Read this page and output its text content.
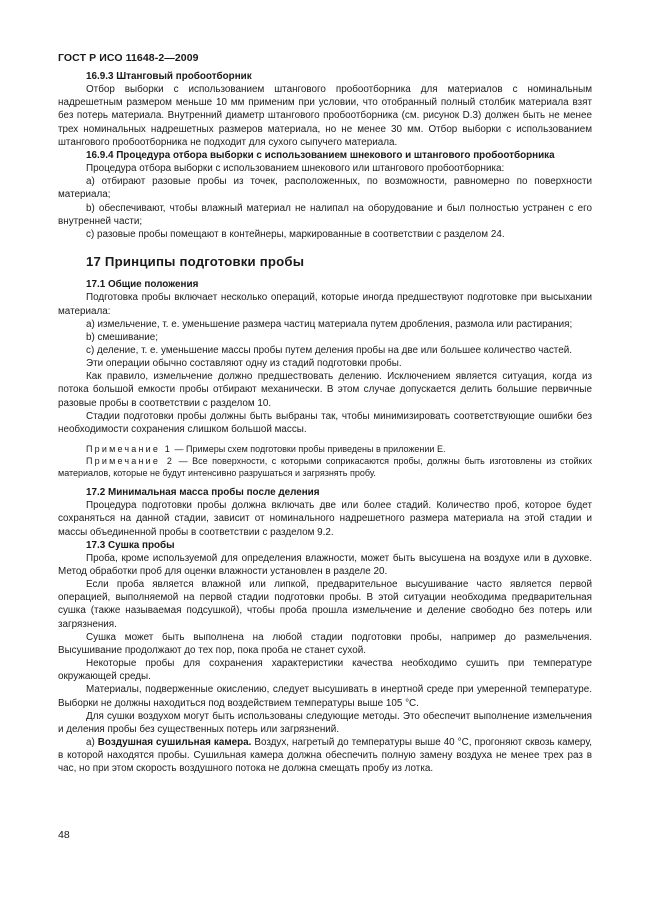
ГОСТ Р ИСО 11648-2—2009

16.9.3 Штанговый пробоотборник

Отбор выборки с использованием штангового пробоотборника для материалов с номинальным надрешетным размером меньше 10 мм применим при условии, что отобранный полный столбик материала взят без потерь материала. Внутренний диаметр штангового пробоотборника (см. рисунок D.3) должен быть не менее трех номинальных надрешетных размеров материала, но не менее 30 мм. Отбор выборки с использованием штангового пробоотборника не подходит для сухого сыпучего материала.

16.9.4 Процедура отбора выборки с использованием шнекового и штангового пробоотборника

Процедура отбора выборки с использованием шнекового или штангового пробоотборника:

a) отбирают разовые пробы из точек, расположенных, по возможности, равномерно по поверхности материала;

b) обеспечивают, чтобы влажный материал не налипал на оборудование и был полностью устранен с его внутренней части;

c) разовые пробы помещают в контейнеры, маркированные в соответствии с разделом 24.

17 Принципы подготовки пробы

17.1 Общие положения

Подготовка пробы включает несколько операций, которые иногда предшествуют подготовке при высыхании материала:

a) измельчение, т. е. уменьшение размера частиц материала путем дробления, размола или растирания;

b) смешивание;

c) деление, т. е. уменьшение массы пробы путем деления пробы на две или большее количество частей.

Эти операции обычно составляют одну из стадий подготовки пробы.

Как правило, измельчение должно предшествовать делению. Исключением является ситуация, когда из потока большой емкости пробы отбирают механически. В этом случае допускается делить большие первичные разовые пробы в соответствии с разделом 10.

Стадии подготовки пробы должны быть выбраны так, чтобы минимизировать соответствующие ошибки без необходимости сохранения слишком большой массы.

Примечание 1 — Примеры схем подготовки пробы приведены в приложении Е.

Примечание 2 — Все поверхности, с которыми соприкасаются пробы, должны быть изготовлены из стойких материалов, которые не будут интенсивно разрушаться и загрязнять пробу.

17.2 Минимальная масса пробы после деления

Процедура подготовки пробы должна включать две или более стадий. Количество проб, которое будет сохраняться на данной стадии, зависит от номинального надрешетного размера материала на этой стадии и массы объединенной пробы в соответствии с разделом 9.2.

17.3 Сушка пробы

Проба, кроме используемой для определения влажности, может быть высушена на воздухе или в духовке. Метод обработки проб для оценки влажности установлен в разделе 20.

Если проба является влажной или липкой, предварительное высушивание часто является первой операцией, выполняемой на первой стадии подготовки пробы. В этой ситуации необходима предварительная сушка (также называемая подсушкой), чтобы проба прошла измельчение и деление свободно без потерь или загрязнения.

Сушка может быть выполнена на любой стадии подготовки пробы, например до размельчения. Высушивание продолжают до тех пор, пока проба не станет сухой.

Некоторые пробы для сохранения характеристики качества необходимо сушить при температуре окружающей среды.

Материалы, подверженные окислению, следует высушивать в инертной среде при умеренной температуре. Выборки не должны находиться под воздействием температуры выше 105 °С.

Для сушки воздухом могут быть использованы следующие методы. Это обеспечит выполнение измельчения и деления пробы без существенных потерь или загрязнений.

a) Воздушная сушильная камера. Воздух, нагретый до температуры выше 40 °С, прогоняют сквозь камеру, в которой находятся пробы. Сушильная камера должна обеспечить полную замену воздуха не менее трех раз в час, но при этом скорость воздушного потока не должна смещать пробу из лотка.

48
